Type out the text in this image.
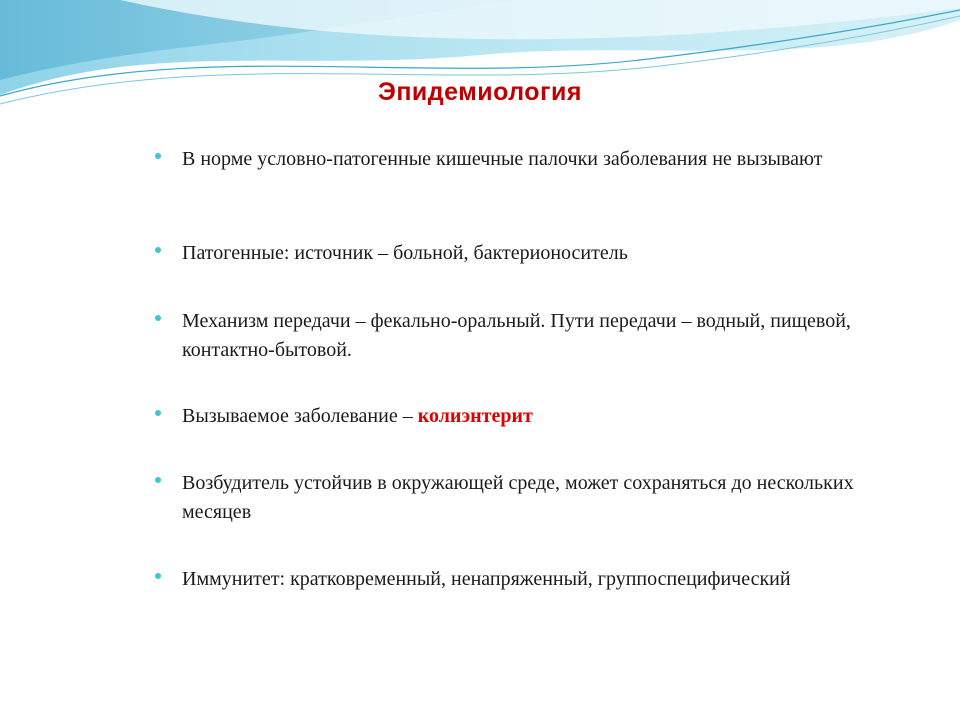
Эпидемиология
В норме условно-патогенные кишечные палочки заболевания не вызывают
Патогенные: источник – больной, бактерионоситель
Механизм передачи – фекально-оральный. Пути передачи – водный, пищевой, контактно-бытовой.
Вызываемое заболевание – колиэнтерит
Возбудитель устойчив в окружающей среде, может сохраняться до нескольких месяцев
Иммунитет: кратковременный, ненапряженный, группоспецифический
